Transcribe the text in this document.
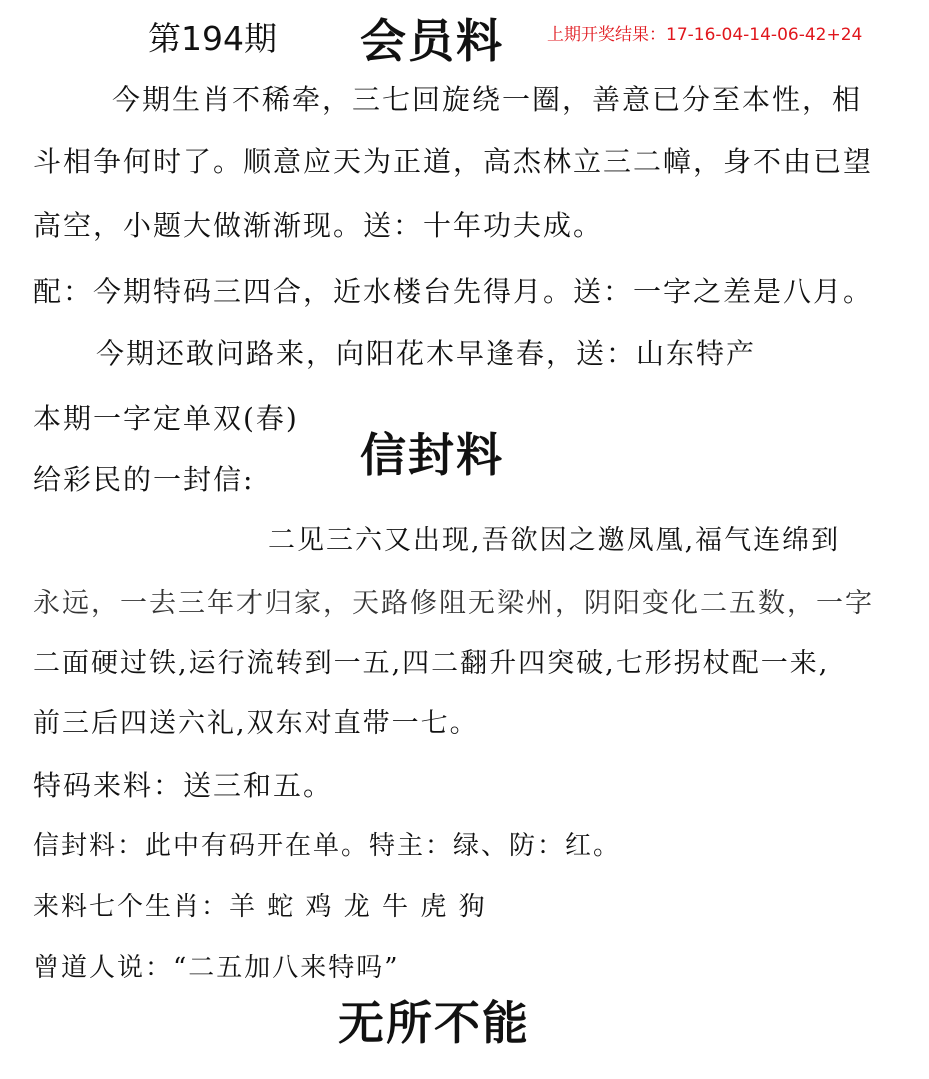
第194期 会员料	上期开奖结果：17-16-04-14-06-42+24
今期生肖不稀牵，三七回旋绕一圈，善意已分至本性，相
斗相争何时了。顺意应天为正道，高杰林立三二幛，身不由已望
高空，小题大做渐渐现。送：十年功夫成。
配：今期特码三四合，近水楼台先得月。送：一字之差是八月。
今期还敢问路来，向阳花木早逢春，送：山东特产
本期一字定单双(春)
信封料
给彩民的一封信:
二见三六又出现,吾欲因之邀凤凰,福气连绵到
永远，一去三年才归家，天路修阻无梁州，阴阳变化二五数，一字
二面硬过铁,运行流转到一五,四二翻升四突破,七形拐杖配一来,
前三后四送六礼,双东对直带一七。
特码来料：送三和五。
信封料：此中有码开在单。特主：绿、防：红。
来料七个生肖：羊 蛇 鸡 龙 牛 虎 狗
曾道人说：“二五加八来特吗”
无所不能
